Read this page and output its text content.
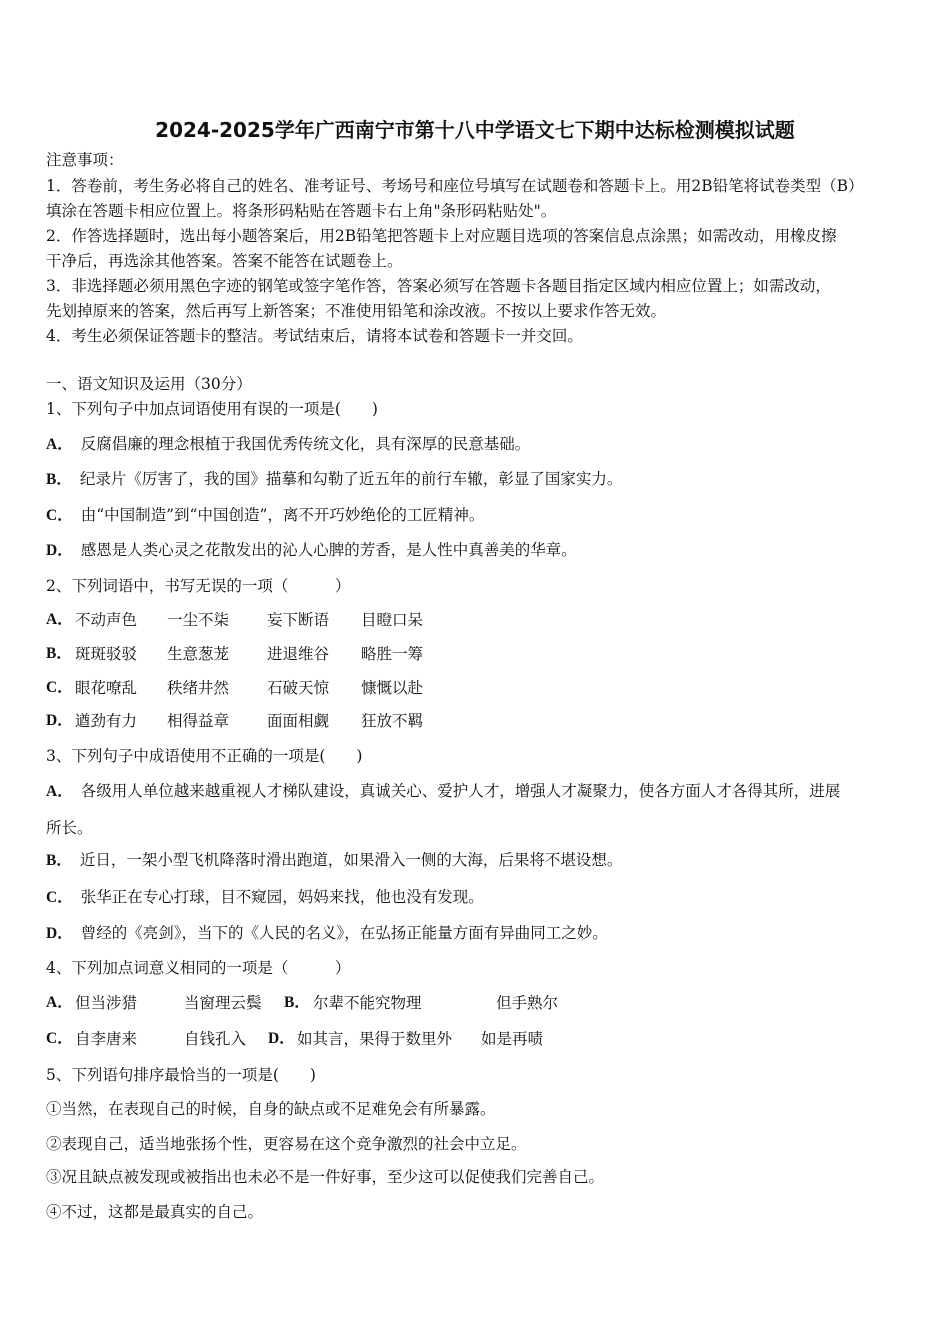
2024-2025学年广西南宁市第十八中学语文七下期中达标检测模拟试题
注意事项：
1．答卷前，考生务必将自己的姓名、准考证号、考场号和座位号填写在试题卷和答题卡上。用2B铅笔将试卷类型（B）
填涂在答题卡相应位置上。将条形码粘贴在答题卡右上角"条形码粘贴处"。
2．作答选择题时，选出每小题答案后，用2B铅笔把答题卡上对应题目选项的答案信息点涂黑；如需改动，用橡皮擦
干净后，再选涂其他答案。答案不能答在试题卷上。
3．非选择题必须用黑色字迹的钢笔或签字笔作答，答案必须写在答题卡各题目指定区域内相应位置上；如需改动，
先划掉原来的答案，然后再写上新答案；不准使用铅笔和涂改液。不按以上要求作答无效。
4．考生必须保证答题卡的整洁。考试结束后，请将本试卷和答题卡一并交回。
一、语文知识及运用（30分）
1、下列句子中加点词语使用有误的一项是(　　)
A． 反腐倡廉的理念根植于我国优秀传统文化，具有深厚的民意基础。
B． 纪录片《厉害了，我的国》描摹和勾勒了近五年的前行车辙，彰显了国家实力。
C． 由“中国制造”到“中国创造”，离不开巧妙绝伦的工匠精神。
D． 感恩是人类心灵之花散发出的沁人心脾的芳香，是人性中真善美的华章。
2、下列词语中，书写无误的一项（　　　）
A． 不动声色 一尘不柒 妄下断语 目瞪口呆
B． 斑斑驳驳 生意葱茏 进退维谷 略胜一筹
C． 眼花嘹乱 秩绪井然 石破天惊 慷慨以赴
D． 遒劲有力 相得益章 面面相觑 狂放不羁
3、下列句子中成语使用不正确的一项是(　　)
A． 各级用人单位越来越重视人才梯队建设，真诚关心、爱护人才，增强人才凝聚力，使各方面人才各得其所，进展
所长。
B． 近日，一架小型飞机降落时滑出跑道，如果滑入一侧的大海，后果将不堪设想。
C． 张华正在专心打球，目不窥园，妈妈来找，他也没有发现。
D． 曾经的《亮剑》，当下的《人民的名义》，在弘扬正能量方面有异曲同工之妙。
4、下列加点词意义相同的一项是（　　　）
A． 但当涉猎	当窗理云鬓 B． 尔辈不能究物理	但手熟尔
C． 自李唐来	自钱孔入 D． 如其言，果得于数里外 如是再啧
5、下列语句排序最恰当的一项是(　　)
①当然，在表现自己的时候，自身的缺点或不足难免会有所暴露。
②表现自己，适当地张扬个性，更容易在这个竞争激烈的社会中立足。
③况且缺点被发现或被指出也未必不是一件好事，至少这可以促使我们完善自己。
④不过，这都是最真实的自己。
